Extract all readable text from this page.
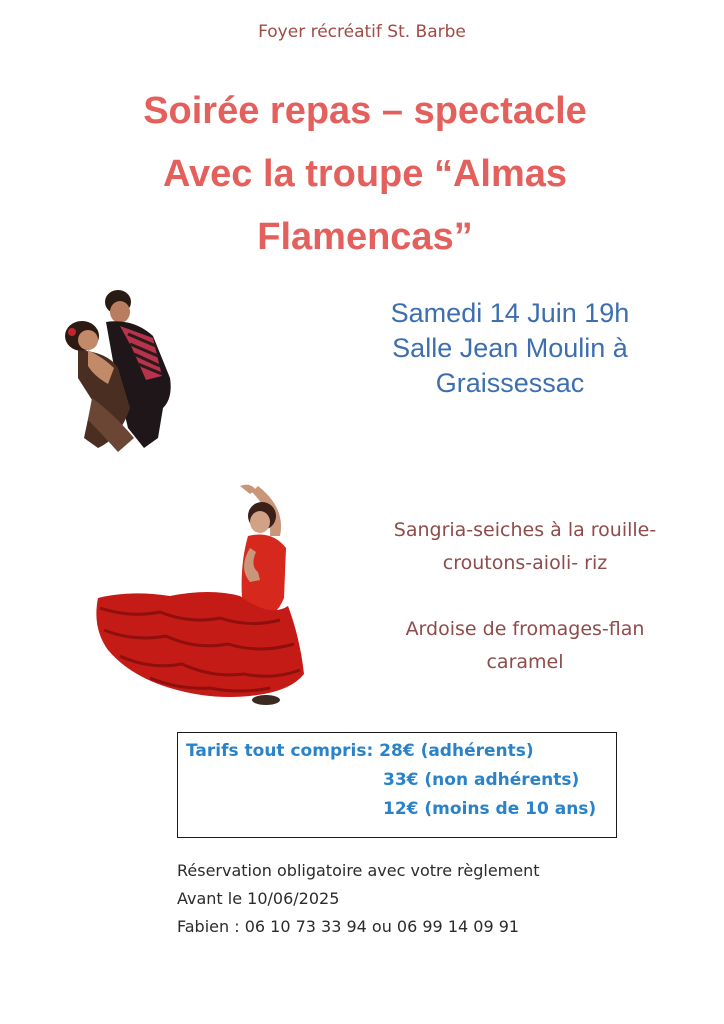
Foyer récréatif St. Barbe
Soirée repas – spectacle
Avec la troupe “Almas
Flamencas”
Samedi 14 Juin 19h
Salle Jean Moulin à
Graissessac
Sangria-seiches à la rouille-
croutons-aioli- riz
Ardoise de fromages-flan
caramel
Tarifs tout compris: 28€ (adhérents)
33€ (non adhérents)
12€ (moins de 10 ans)
Réservation obligatoire avec votre règlement
Avant le 10/06/2025
Fabien : 06 10 73 33 94 ou 06 99 14 09 91
